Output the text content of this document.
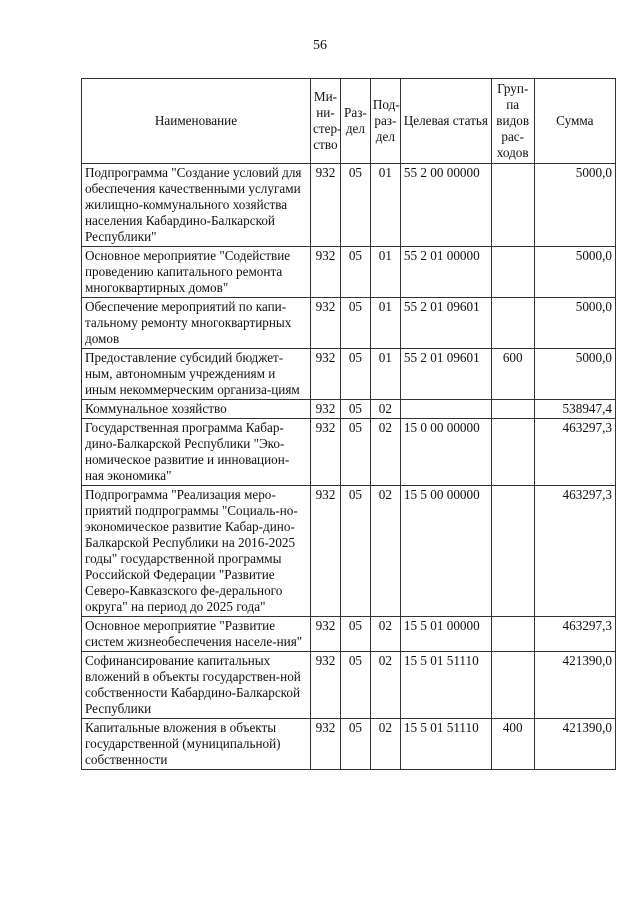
56
Наименование	Ми-ни-стер-ство	Раз-дел	Под-раз-дел	Целевая статья	Груп-па видов рас-ходов	Сумма
Подпрограмма "Создание условий для обеспечения качественными услугами жилищно-коммунального хозяйства населения Кабардино-Балкарской Республики"	932	05	01	55 2 00 00000		5000,0
Основное мероприятие "Содействие проведению капитального ремонта многоквартирных домов"	932	05	01	55 2 01 00000		5000,0
Обеспечение мероприятий по капи-тальному ремонту многоквартирных домов	932	05	01	55 2 01 09601		5000,0
Предоставление субсидий бюджет-ным, автономным учреждениям и иным некоммерческим организа-циям	932	05	01	55 2 01 09601	600	5000,0
Коммунальное хозяйство	932	05	02			538947,4
Государственная программа Кабар-дино-Балкарской Республики "Эко-номическое развитие и инновацион-ная экономика"	932	05	02	15 0 00 00000		463297,3
Подпрограмма "Реализация меро-приятий подпрограммы "Социаль-но-экономическое развитие Кабар-дино-Балкарской Республики на 2016-2025 годы" государственной программы Российской Федерации "Развитие Северо-Кавказского фе-дерального округа" на период до 2025 года"	932	05	02	15 5 00 00000		463297,3
Основное мероприятие "Развитие систем жизнеобеспечения населе-ния"	932	05	02	15 5 01 00000		463297,3
Софинансирование капитальных вложений в объекты государствен-ной собственности Кабардино-Балкарской Республики	932	05	02	15 5 01 51110		421390,0
Капитальные вложения в объекты государственной (муниципальной) собственности	932	05	02	15 5 01 51110	400	421390,0
